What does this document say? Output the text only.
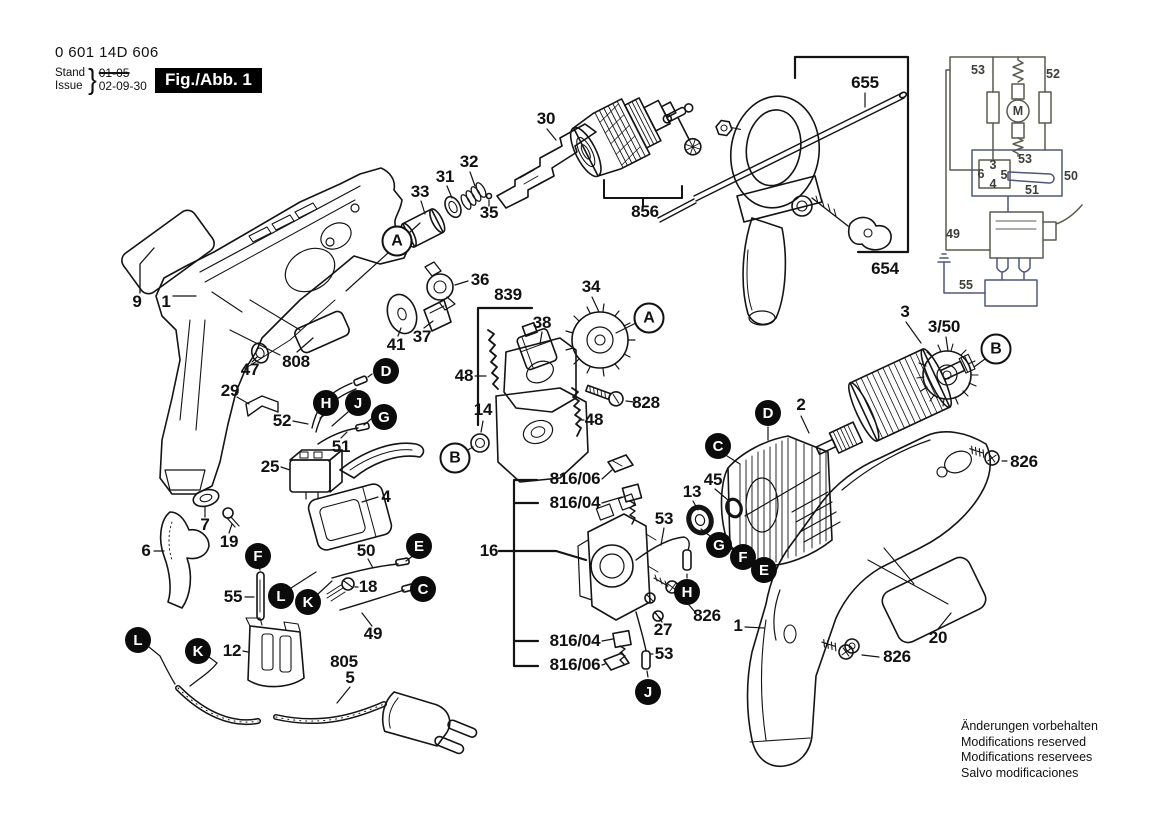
0 601 14D 606
Stand
Issue } 01-05
02-09-30	Fig./Abb. 1
Änderungen vorbehalten
Modifications reserved
Modifications reservees
Salvo modificaciones
9 1
808
47
29
52
51
25
4
7
19
6	50
18
55
49
12
805
5
30
32
31
33
35
36
839	34
38
41 37
48
828
14
48
856
655
654
3
3/50
2
826
816/06
816/04
13
45
53
16
826
27	1
816/04
53
816/06
20
826
A
A
B
B
D
H	J
G
F
E
C
L	K
L
K
C
D
G
F
E
H
J
53	52
M
53
3
6 5
4
50
51
49
55
